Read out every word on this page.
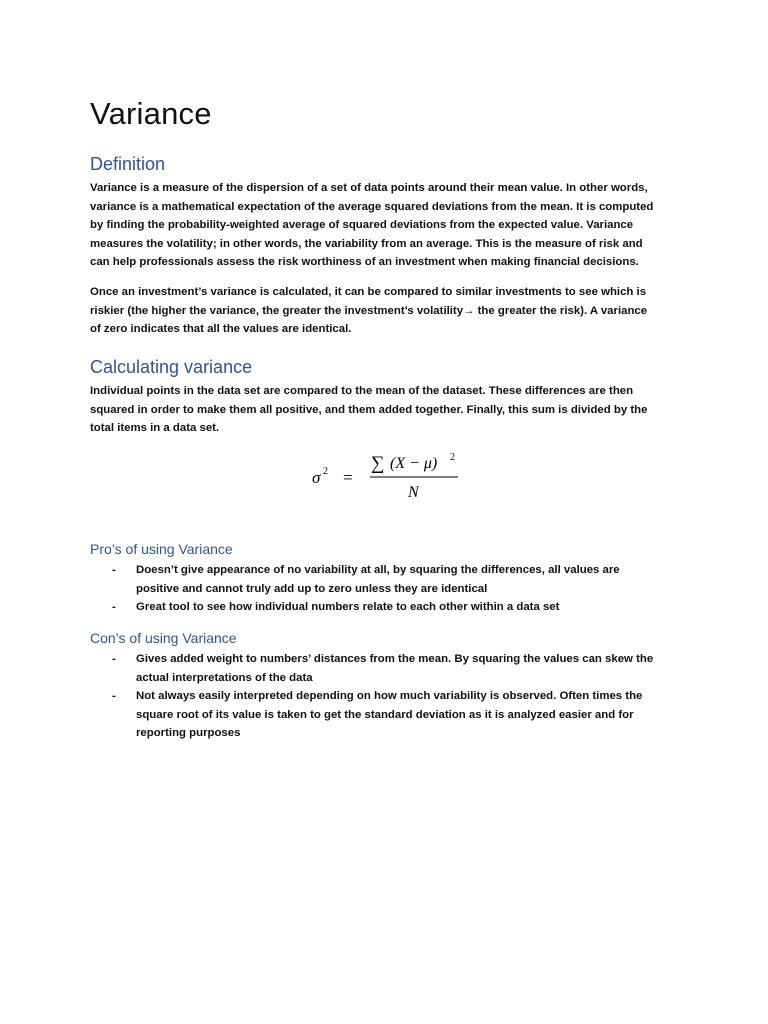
Variance
Definition
Variance is a measure of the dispersion of a set of data points around their mean value. In other words,
variance is a mathematical expectation of the average squared deviations from the mean. It is computed
by finding the probability-weighted average of squared deviations from the expected value. Variance
measures the volatility; in other words, the variability from an average. This is the measure of risk and
can help professionals assess the risk worthiness of an investment when making financial decisions.
Once an investment’s variance is calculated, it can be compared to similar investments to see which is
riskier (the higher the variance, the greater the investment’s volatility→ the greater the risk). A variance
of zero indicates that all the values are identical.
Calculating variance
Individual points in the data set are compared to the mean of the dataset. These differences are then
squared in order to make them all positive, and them added together. Finally, this sum is divided by the
total items in a data set.
σ 2 =
∑ (X − μ) 2
N
Pro’s of using Variance
- Doesn’t give appearance of no variability at all, by squaring the differences, all values are
positive and cannot truly add up to zero unless they are identical
- Great tool to see how individual numbers relate to each other within a data set
Con’s of using Variance
- Gives added weight to numbers’ distances from the mean. By squaring the values can skew the
actual interpretations of the data
- Not always easily interpreted depending on how much variability is observed. Often times the
square root of its value is taken to get the standard deviation as it is analyzed easier and for
reporting purposes
